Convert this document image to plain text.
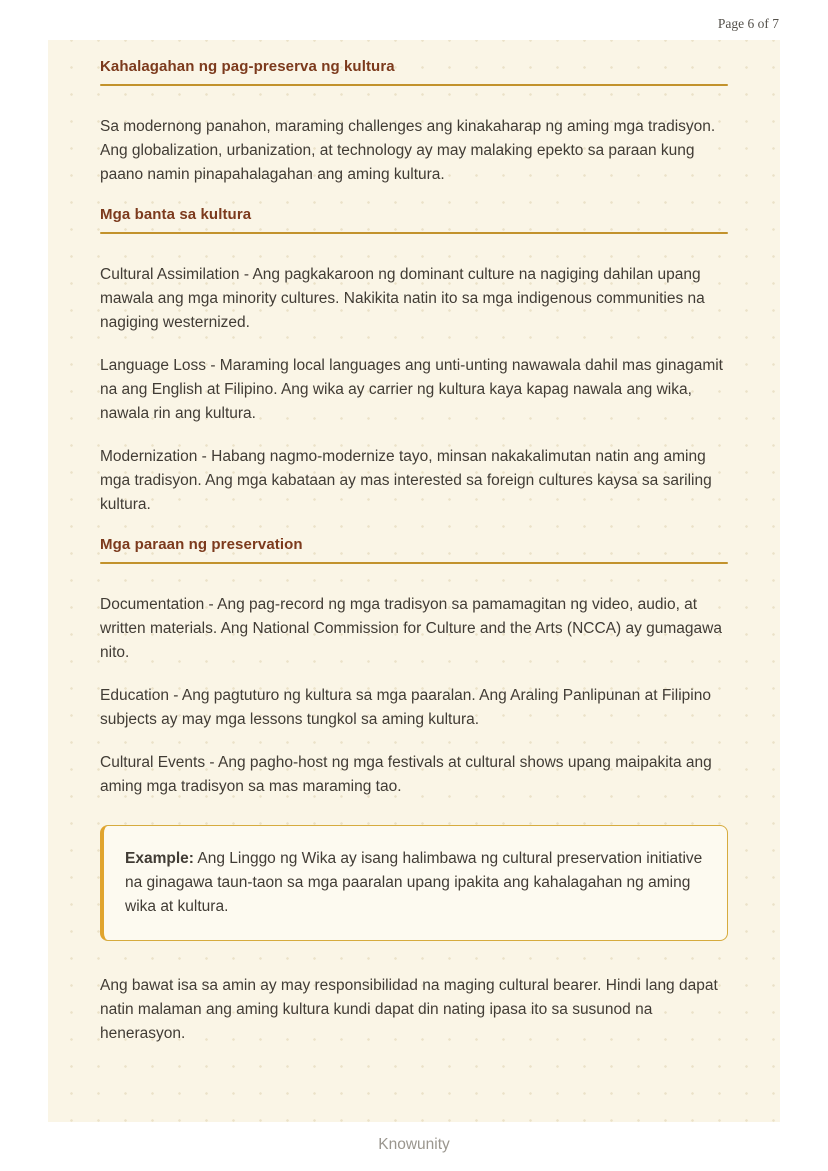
Page 6 of 7
Kahalagahan ng pag-preserva ng kultura

Sa modernong panahon, maraming challenges ang kinakaharap ng aming mga tradisyon. Ang globalization, urbanization, at technology ay may malaking epekto sa paraan kung paano namin pinapahalagahan ang aming kultura.

Mga banta sa kultura

Cultural Assimilation - Ang pagkakaroon ng dominant culture na nagiging dahilan upang mawala ang mga minority cultures. Nakikita natin ito sa mga indigenous communities na nagiging westernized.

Language Loss - Maraming local languages ang unti-unting nawawala dahil mas ginagamit na ang English at Filipino. Ang wika ay carrier ng kultura kaya kapag nawala ang wika, nawala rin ang kultura.

Modernization - Habang nagmo-modernize tayo, minsan nakakalimutan natin ang aming mga tradisyon. Ang mga kabataan ay mas interested sa foreign cultures kaysa sa sariling kultura.

Mga paraan ng preservation

Documentation - Ang pag-record ng mga tradisyon sa pamamagitan ng video, audio, at written materials. Ang National Commission for Culture and the Arts (NCCA) ay gumagawa nito.

Education - Ang pagtuturo ng kultura sa mga paaralan. Ang Araling Panlipunan at Filipino subjects ay may mga lessons tungkol sa aming kultura.

Cultural Events - Ang pagho-host ng mga festivals at cultural shows upang maipakita ang aming mga tradisyon sa mas maraming tao.

Example: Ang Linggo ng Wika ay isang halimbawa ng cultural preservation initiative na ginagawa taun-taon sa mga paaralan upang ipakita ang kahalagahan ng aming wika at kultura.

Ang bawat isa sa amin ay may responsibilidad na maging cultural bearer. Hindi lang dapat natin malaman ang aming kultura kundi dapat din nating ipasa ito sa susunod na henerasyon.

Knowunity
